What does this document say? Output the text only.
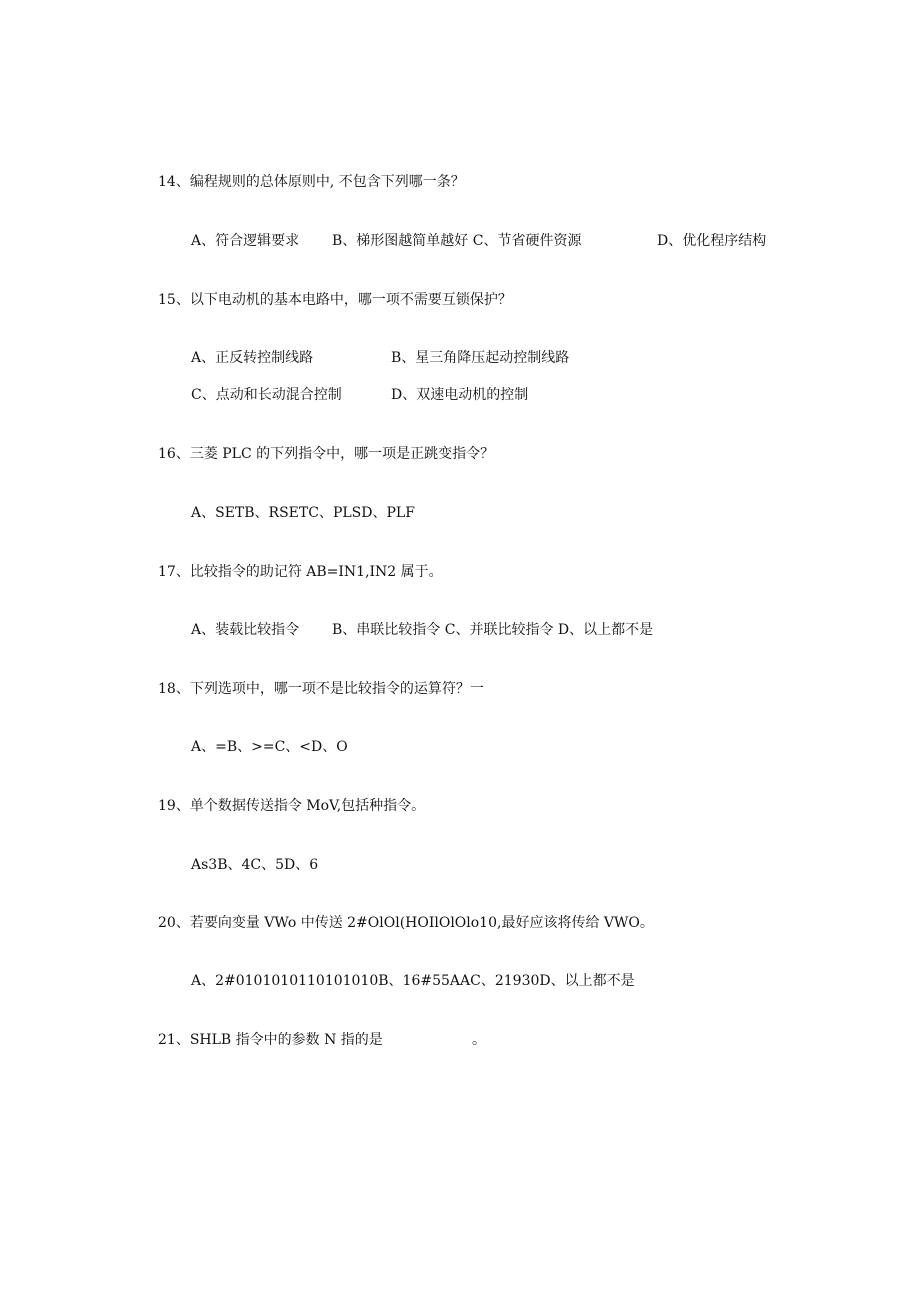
14、编程规则的总体原则中, 不包含下列哪一条？
A、符合逻辑要求 B、梯形图越简单越好 C、节省硬件资源	D、优化程序结构
15、以下电动机的基本电路中，哪一项不需要互锁保护？
A、正反转控制线路	B、星三角降压起动控制线路
C、点动和长动混合控制	D、双速电动机的控制
16、三菱 PLC 的下列指令中，哪一项是正跳变指令？
A、SETB、RSETC、PLSD、PLF
17、比较指令的助记符 AB=IN1,IN2 属于。
A、装载比较指令 B、串联比较指令 C、并联比较指令 D、以上都不是
18、下列选项中，哪一项不是比较指令的运算符？一
A、=B、>=C、<D、O
19、单个数据传送指令 MoV,包括种指令。
As3B、4C、5D、6
20、若要向变量 VWo 中传送 2#OlOl(HOIlOlOlo10,最好应该将传给 VWO。
A、2#0101010110101010B、16#55AAC、21930D、以上都不是
21、SHLB 指令中的参数 N 指的是	。
